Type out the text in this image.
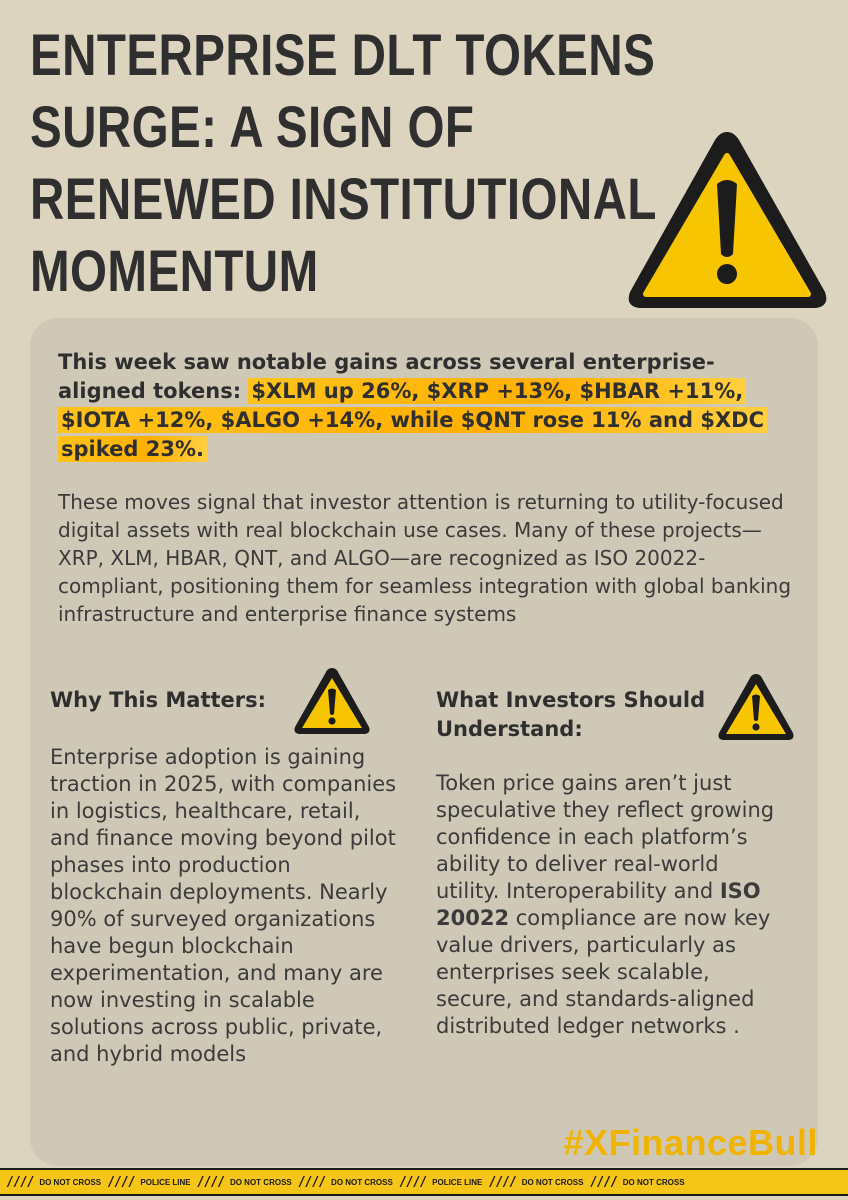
ENTERPRISE DLT TOKENS
SURGE: A SIGN OF
RENEWED INSTITUTIONAL
MOMENTUM

This week saw notable gains across several enterprise-aligned tokens: $XLM up 26%, $XRP +13%, $HBAR +11%, $IOTA +12%, $ALGO +14%, while $QNT rose 11% and $XDC spiked 23%.

These moves signal that investor attention is returning to utility-focused digital assets with real blockchain use cases. Many of these projects—XRP, XLM, HBAR, QNT, and ALGO—are recognized as ISO 20022-compliant, positioning them for seamless integration with global banking infrastructure and enterprise finance systems

Why This Matters:

Enterprise adoption is gaining traction in 2025, with companies in logistics, healthcare, retail, and finance moving beyond pilot phases into production blockchain deployments. Nearly 90% of surveyed organizations have begun blockchain experimentation, and many are now investing in scalable solutions across public, private, and hybrid models

What Investors Should Understand:

Token price gains aren’t just speculative they reflect growing confidence in each platform’s ability to deliver real-world utility. Interoperability and ISO 20022 compliance are now key value drivers, particularly as enterprises seek scalable, secure, and standards-aligned distributed ledger networks .

#XFinanceBull
//// DO NOT CROSS //// POLICE LINE //// DO NOT CROSS //// DO NOT CROSS //// POLICE LINE //// DO NOT CROSS //// DO NOT CROSS
